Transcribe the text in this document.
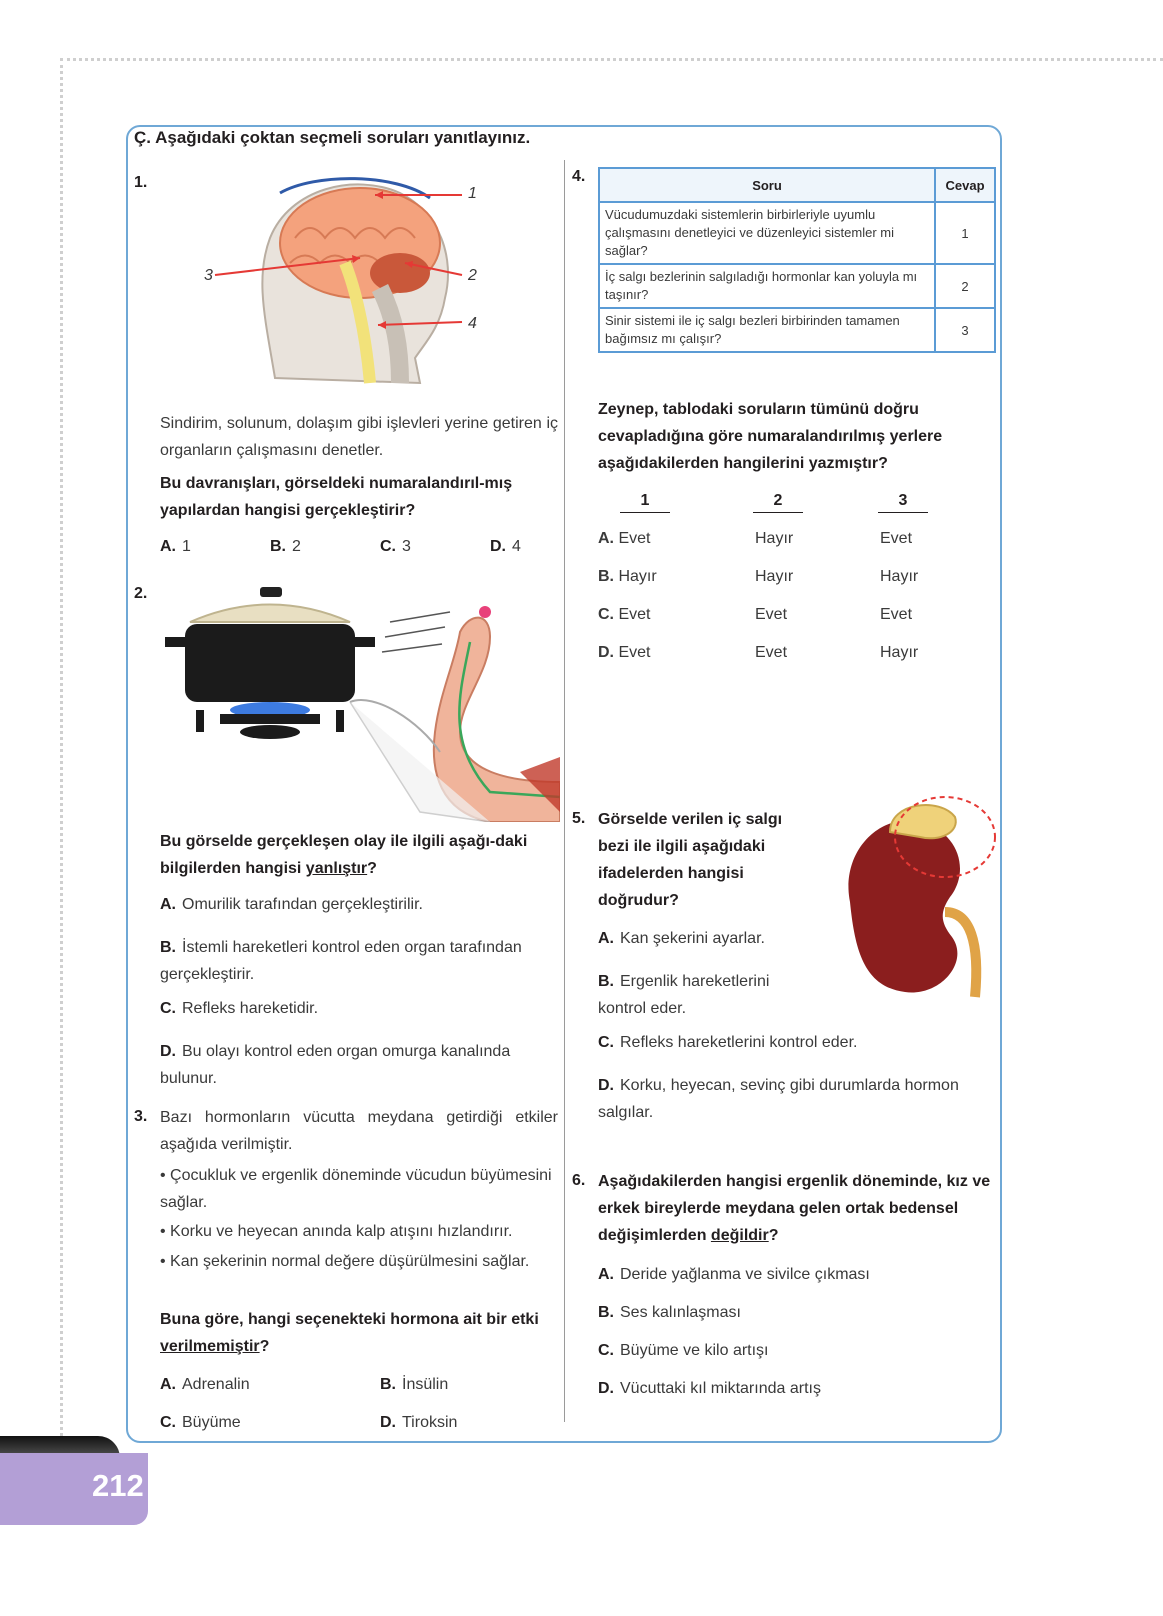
Ç. Aşağıdaki çoktan seçmeli soruları yanıtlayınız.
1.
1
2
3
4
Sindirim, solunum, dolaşım gibi işlevleri yerine getiren iç organların çalışmasını denetler.
Bu davranışları, görseldeki numaralandırıl-mış yapılardan hangisi gerçekleştirir?
A. 1	B. 2	C. 3	D. 4
2.
Bu görselde gerçekleşen olay ile ilgili aşağı-daki bilgilerden hangisi yanlıştır?
A. Omurilik tarafından gerçekleştirilir.
B. İstemli hareketleri kontrol eden organ tarafından gerçekleştirir.
C. Refleks hareketidir.
D. Bu olayı kontrol eden organ omurga kanalında bulunur.
3. Bazı hormonların vücutta meydana getirdiği etkiler aşağıda verilmiştir.
• Çocukluk ve ergenlik döneminde vücudun büyümesini sağlar.
• Korku ve heyecan anında kalp atışını hızlandırır.
• Kan şekerinin normal değere düşürülmesini sağlar.
Buna göre, hangi seçenekteki hormona ait bir etki verilmemiştir?
A. Adrenalin	B. İnsülin
C. Büyüme	D. Tiroksin
4.	Soru	Cevap
Vücudumuzdaki sistemlerin birbirleriyle uyumlu çalışmasını denetleyici ve düzenleyici sistemler mi sağlar?	1
İç salgı bezlerinin salgıladığı hormonlar kan yoluyla mı taşınır?	2
Sinir sistemi ile iç salgı bezleri birbirinden tamamen bağımsız mı çalışır?	3
Zeynep, tablodaki soruların tümünü doğru cevapladığına göre numaralandırılmış yerlere aşağıdakilerden hangilerini yazmıştır?
1	2	3
A. Evet	Hayır	Evet
B. Hayır	Hayır	Hayır
C. Evet	Evet	Evet
D. Evet	Evet	Hayır
5. Görselde verilen iç salgı bezi ile ilgili aşağıdaki ifadelerden hangisi doğrudur?
A. Kan şekerini ayarlar.
B. Ergenlik hareketlerini kontrol eder.
C. Refleks hareketlerini kontrol eder.
D. Korku, heyecan, sevinç gibi durumlarda hormon salgılar.
6. Aşağıdakilerden hangisi ergenlik döneminde, kız ve erkek bireylerde meydana gelen ortak bedensel değişimlerden değildir?
A. Deride yağlanma ve sivilce çıkması
B. Ses kalınlaşması
C. Büyüme ve kilo artışı
D. Vücuttaki kıl miktarında artış
212
